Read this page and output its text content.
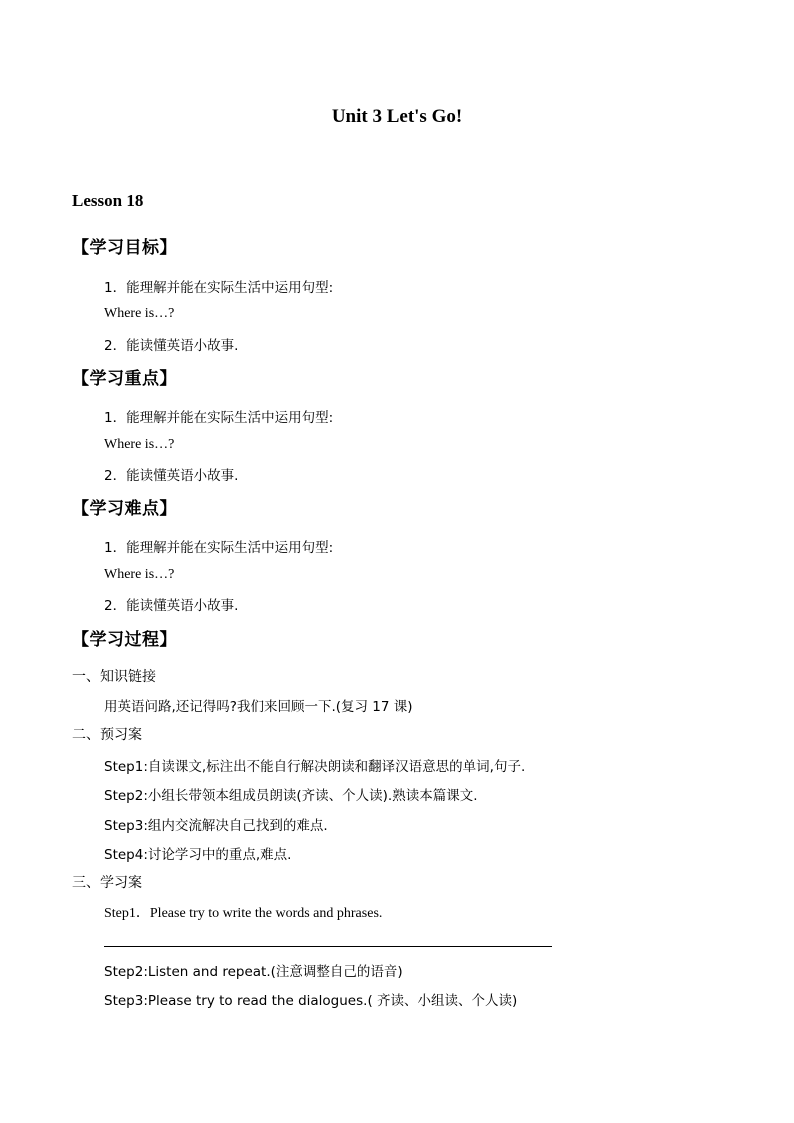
Unit 3 Let's Go!
Lesson 18
【学习目标】
1．能理解并能在实际生活中运用句型:
Where is…?
2．能读懂英语小故事.
【学习重点】
1．能理解并能在实际生活中运用句型:
Where is…?
2．能读懂英语小故事.
【学习难点】
1．能理解并能在实际生活中运用句型:
Where is…?
2．能读懂英语小故事.
【学习过程】
一、知识链接
用英语问路,还记得吗?我们来回顾一下.(复习 17 课)
二、预习案
Step1:自读课文,标注出不能自行解决朗读和翻译汉语意思的单词,句子.
Step2:小组长带领本组成员朗读(齐读、个人读).熟读本篇课文.
Step3:组内交流解决自己找到的难点.
Step4:讨论学习中的重点,难点.
三、学习案
Step1．Please try to write the words and phrases.
Step2:Listen and repeat.(注意调整自己的语音)
Step3:Please try to read the dialogues.( 齐读、小组读、个人读)
